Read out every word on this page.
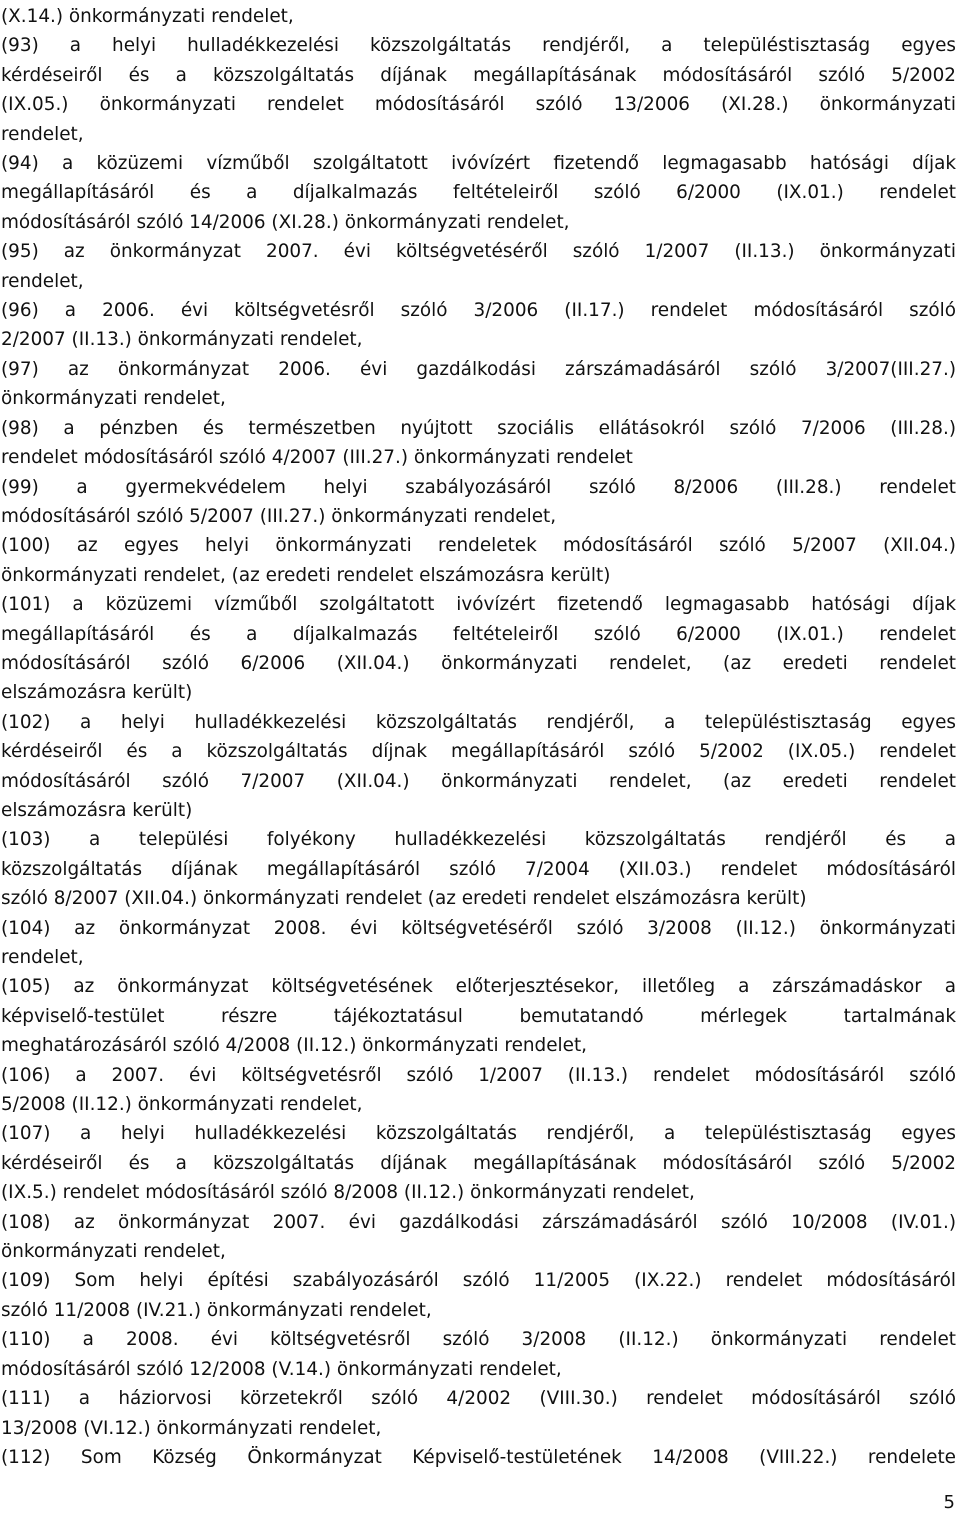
(X.14.) önkormányzati rendelet,
(93) a helyi hulladékkezelési közszolgáltatás rendjéről, a településtisztaság egyes
kérdéseiről és a közszolgáltatás díjának megállapításának módosításáról szóló 5/2002
(IX.05.) önkormányzati rendelet módosításáról szóló 13/2006 (XI.28.) önkormányzati
rendelet,
(94) a közüzemi vízműből szolgáltatott ivóvízért fizetendő legmagasabb hatósági díjak
megállapításáról és a díjalkalmazás feltételeiről szóló 6/2000 (IX.01.) rendelet
módosításáról szóló 14/2006 (XI.28.) önkormányzati rendelet,
(95) az önkormányzat 2007. évi költségvetéséről szóló 1/2007 (II.13.) önkormányzati
rendelet,
(96) a 2006. évi költségvetésről szóló 3/2006 (II.17.) rendelet módosításáról szóló
2/2007 (II.13.) önkormányzati rendelet,
(97) az önkormányzat 2006. évi gazdálkodási zárszámadásáról szóló 3/2007(III.27.)
önkormányzati rendelet,
(98) a pénzben és természetben nyújtott szociális ellátásokról szóló 7/2006 (III.28.)
rendelet módosításáról szóló 4/2007 (III.27.) önkormányzati rendelet
(99) a gyermekvédelem helyi szabályozásáról szóló 8/2006 (III.28.) rendelet
módosításáról szóló 5/2007 (III.27.) önkormányzati rendelet,
(100) az egyes helyi önkormányzati rendeletek módosításáról szóló 5/2007 (XII.04.)
önkormányzati rendelet, (az eredeti rendelet elszámozásra került)
(101) a közüzemi vízműből szolgáltatott ivóvízért fizetendő legmagasabb hatósági díjak
megállapításáról és a díjalkalmazás feltételeiről szóló 6/2000 (IX.01.) rendelet
módosításáról szóló 6/2006 (XII.04.) önkormányzati rendelet, (az eredeti rendelet
elszámozásra került)
(102) a helyi hulladékkezelési közszolgáltatás rendjéről, a településtisztaság egyes
kérdéseiről és a közszolgáltatás díjnak megállapításáról szóló 5/2002 (IX.05.) rendelet
módosításáról szóló 7/2007 (XII.04.) önkormányzati rendelet, (az eredeti rendelet
elszámozásra került)
(103) a települési folyékony hulladékkezelési közszolgáltatás rendjéről és a
közszolgáltatás díjának megállapításáról szóló 7/2004 (XII.03.) rendelet módosításáról
szóló 8/2007 (XII.04.) önkormányzati rendelet (az eredeti rendelet elszámozásra került)
(104) az önkormányzat 2008. évi költségvetéséről szóló 3/2008 (II.12.) önkormányzati
rendelet,
(105) az önkormányzat költségvetésének előterjesztésekor, illetőleg a zárszámadáskor a
képviselő-testület részre tájékoztatásul bemutatandó mérlegek tartalmának
meghatározásáról szóló 4/2008 (II.12.) önkormányzati rendelet,
(106) a 2007. évi költségvetésről szóló 1/2007 (II.13.) rendelet módosításáról szóló
5/2008 (II.12.) önkormányzati rendelet,
(107) a helyi hulladékkezelési közszolgáltatás rendjéről, a településtisztaság egyes
kérdéseiről és a közszolgáltatás díjának megállapításának módosításáról szóló 5/2002
(IX.5.) rendelet módosításáról szóló 8/2008 (II.12.) önkormányzati rendelet,
(108) az önkormányzat 2007. évi gazdálkodási zárszámadásáról szóló 10/2008 (IV.01.)
önkormányzati rendelet,
(109) Som helyi építési szabályozásáról szóló 11/2005 (IX.22.) rendelet módosításáról
szóló 11/2008 (IV.21.) önkormányzati rendelet,
(110) a 2008. évi költségvetésről szóló 3/2008 (II.12.) önkormányzati rendelet
módosításáról szóló 12/2008 (V.14.) önkormányzati rendelet,
(111) a háziorvosi körzetekről szóló 4/2002 (VIII.30.) rendelet módosításáról szóló
13/2008 (VI.12.) önkormányzati rendelet,
(112) Som Község Önkormányzat Képviselő-testületének 14/2008 (VIII.22.) rendelete
5
